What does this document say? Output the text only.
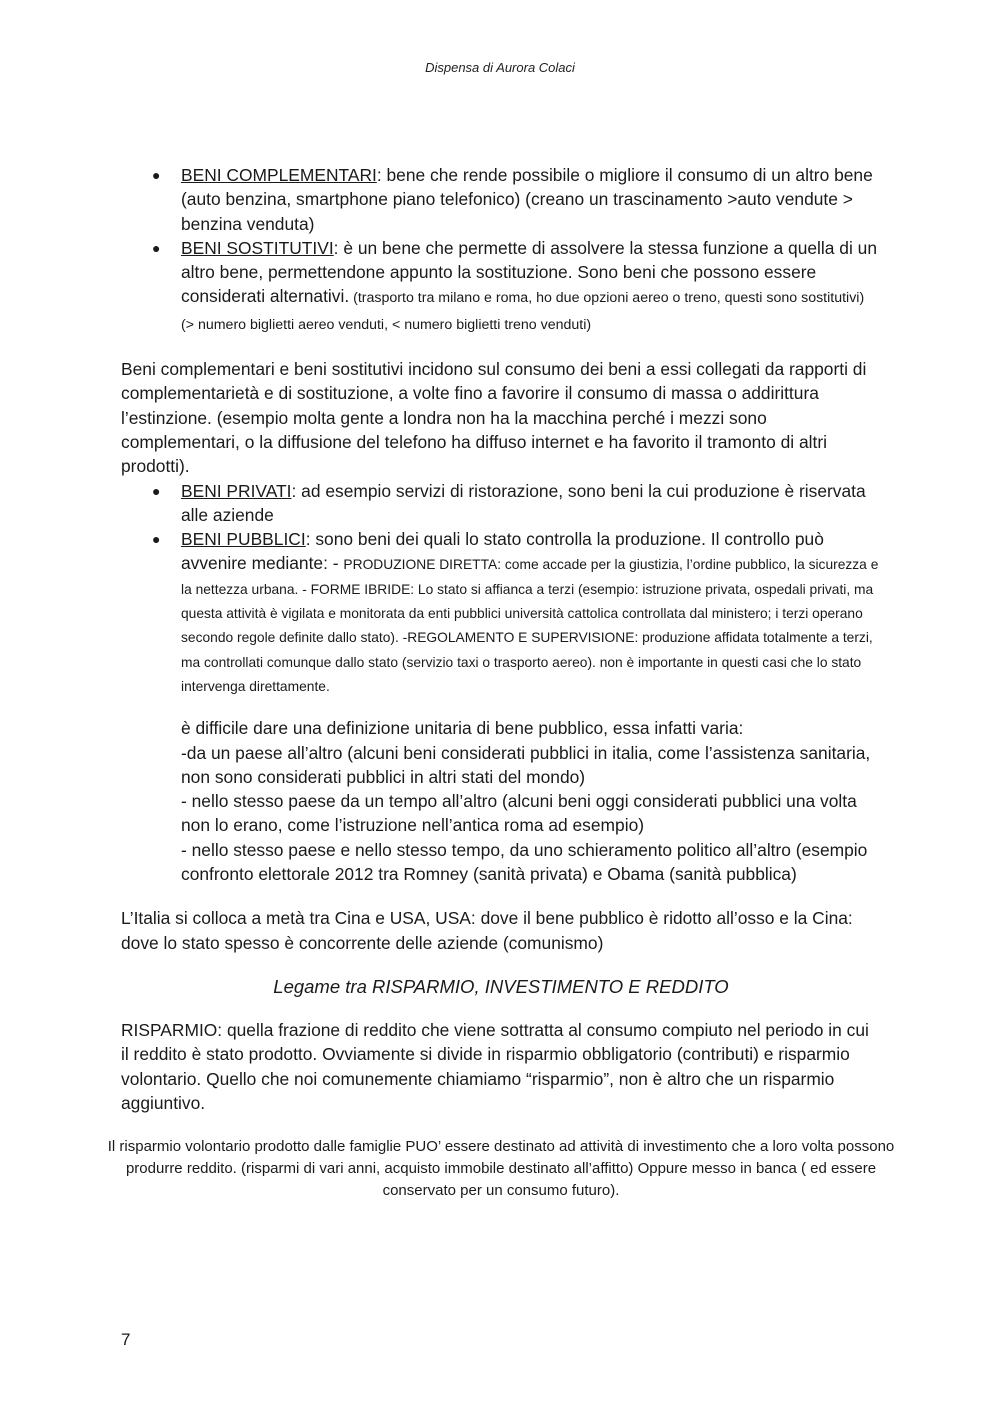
Dispensa di Aurora Colaci
● BENI COMPLEMENTARI: bene che rende possibile o migliore il consumo di un altro bene (auto benzina, smartphone piano telefonico) (creano un trascinamento >auto vendute > benzina venduta)
● BENI SOSTITUTIVI: è un bene che permette di assolvere la stessa funzione a quella di un altro bene, permettendone appunto la sostituzione. Sono beni che possono essere considerati alternativi. (trasporto tra milano e roma, ho due opzioni aereo o treno, questi sono sostitutivi) (> numero biglietti aereo venduti, < numero biglietti treno venduti)

Beni complementari e beni sostitutivi incidono sul consumo dei beni a essi collegati da rapporti di complementarietà e di sostituzione, a volte fino a favorire il consumo di massa o addirittura l’estinzione. (esempio molta gente a londra non ha la macchina perché i mezzi sono complementari, o la diffusione del telefono ha diffuso internet e ha favorito il tramonto di altri prodotti).

● BENI PRIVATI: ad esempio servizi di ristorazione, sono beni la cui produzione è riservata alle aziende
● BENI PUBBLICI: sono beni dei quali lo stato controlla la produzione. Il controllo può avvenire mediante: - PRODUZIONE DIRETTA: come accade per la giustizia, l’ordine pubblico, la sicurezza e la nettezza urbana. - FORME IBRIDE: Lo stato si affianca a terzi (esempio: istruzione privata, ospedali privati, ma questa attività è vigilata e monitorata da enti pubblici università cattolica controllata dal ministero; i terzi operano secondo regole definite dallo stato). -REGOLAMENTO E SUPERVISIONE: produzione affidata totalmente a terzi, ma controllati comunque dallo stato (servizio taxi o trasporto aereo). non è importante in questi casi che lo stato intervenga direttamente.

è difficile dare una definizione unitaria di bene pubblico, essa infatti varia:

-da un paese all’altro (alcuni beni considerati pubblici in italia, come l’assistenza sanitaria, non sono considerati pubblici in altri stati del mondo)

- nello stesso paese da un tempo all’altro (alcuni beni oggi considerati pubblici una volta non lo erano, come l’istruzione nell’antica roma ad esempio)

- nello stesso paese e nello stesso tempo, da uno schieramento politico all’altro (esempio confronto elettorale 2012 tra Romney (sanità privata) e Obama (sanità pubblica)

L’Italia si colloca a metà tra Cina e USA, USA: dove il bene pubblico è ridotto all’osso e la Cina: dove lo stato spesso è concorrente delle aziende (comunismo)

Legame tra RISPARMIO, INVESTIMENTO E REDDITO

RISPARMIO: quella frazione di reddito che viene sottratta al consumo compiuto nel periodo in cui il reddito è stato prodotto. Ovviamente si divide in risparmio obbligatorio (contributi) e risparmio volontario. Quello che noi comunemente chiamiamo “risparmio”, non è altro che un risparmio aggiuntivo.

Il risparmio volontario prodotto dalle famiglie PUO’ essere destinato ad attività di investimento che a loro volta possono produrre reddito. (risparmi di vari anni, acquisto immobile destinato all’affitto) Oppure messo in banca ( ed essere conservato per un consumo futuro).

7
